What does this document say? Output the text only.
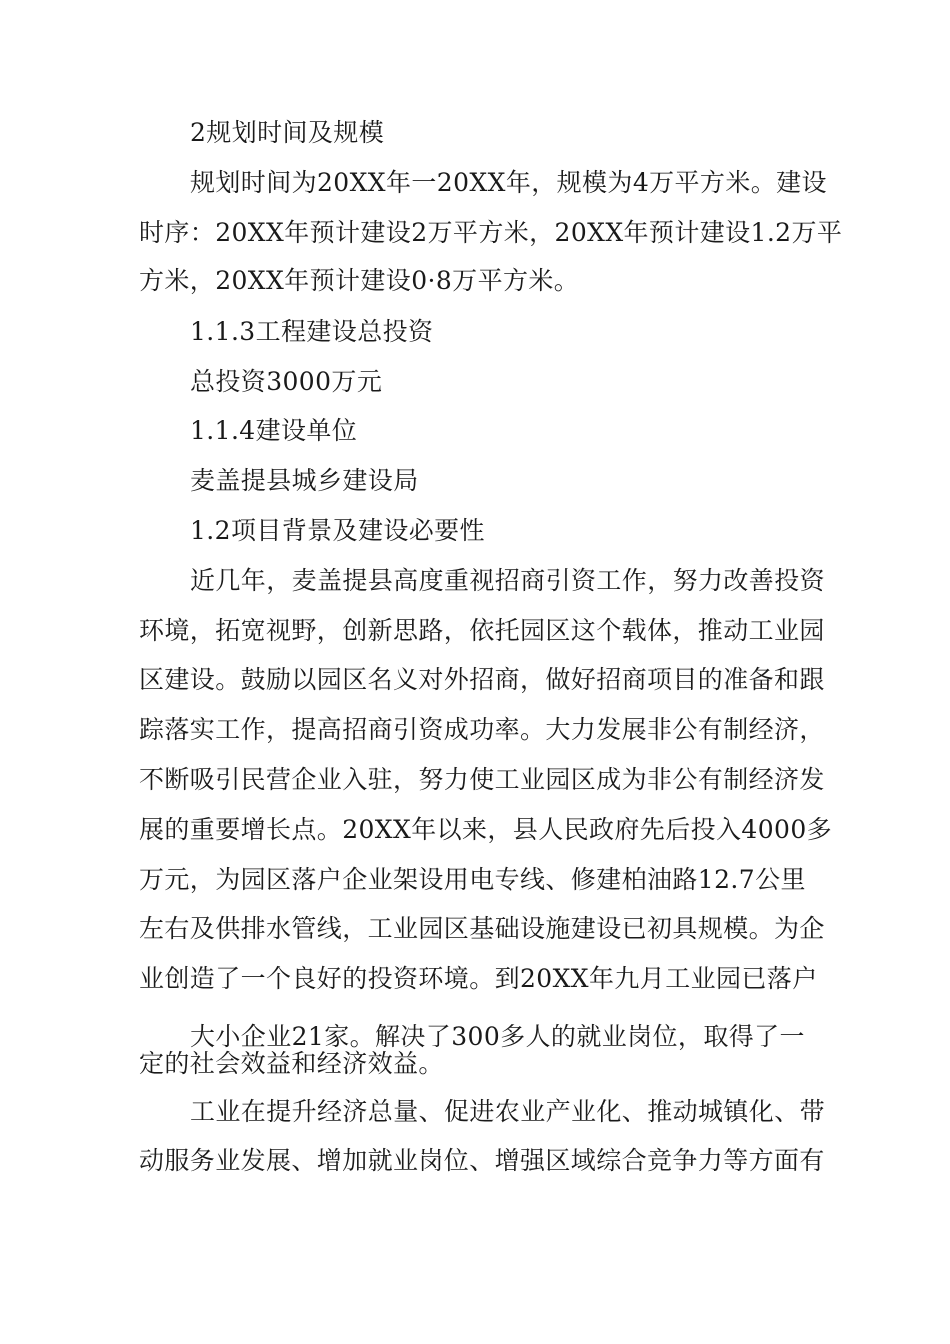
2规划时间及规模

规划时间为20XX年一20XX年，规模为4万平方米。建设

时序：20XX年预计建设2万平方米，20XX年预计建设1.2万平

方米，20XX年预计建设0·8万平方米。

1.1.3工程建设总投资

总投资3000万元

1.1.4建设单位

麦盖提县城乡建设局

1.2项目背景及建设必要性

近几年，麦盖提县高度重视招商引资工作，努力改善投资

环境，拓宽视野，创新思路，依托园区这个载体，推动工业园

区建设。鼓励以园区名义对外招商，做好招商项目的准备和跟

踪落实工作，提高招商引资成功率。大力发展非公有制经济，

不断吸引民营企业入驻，努力使工业园区成为非公有制经济发

展的重要增长点。20XX年以来，县人民政府先后投入4000多

万元，为园区落户企业架设用电专线、修建柏油路12.7公里

左右及供排水管线，工业园区基础设施建设已初具规模。为企

业创造了一个良好的投资环境。到20XX年九月工业园已落户

大小企业21家。解决了300多人的就业岗位，取得了一

定的社会效益和经济效益。

工业在提升经济总量、促进农业产业化、推动城镇化、带

动服务业发展、增加就业岗位、增强区域综合竞争力等方面有
